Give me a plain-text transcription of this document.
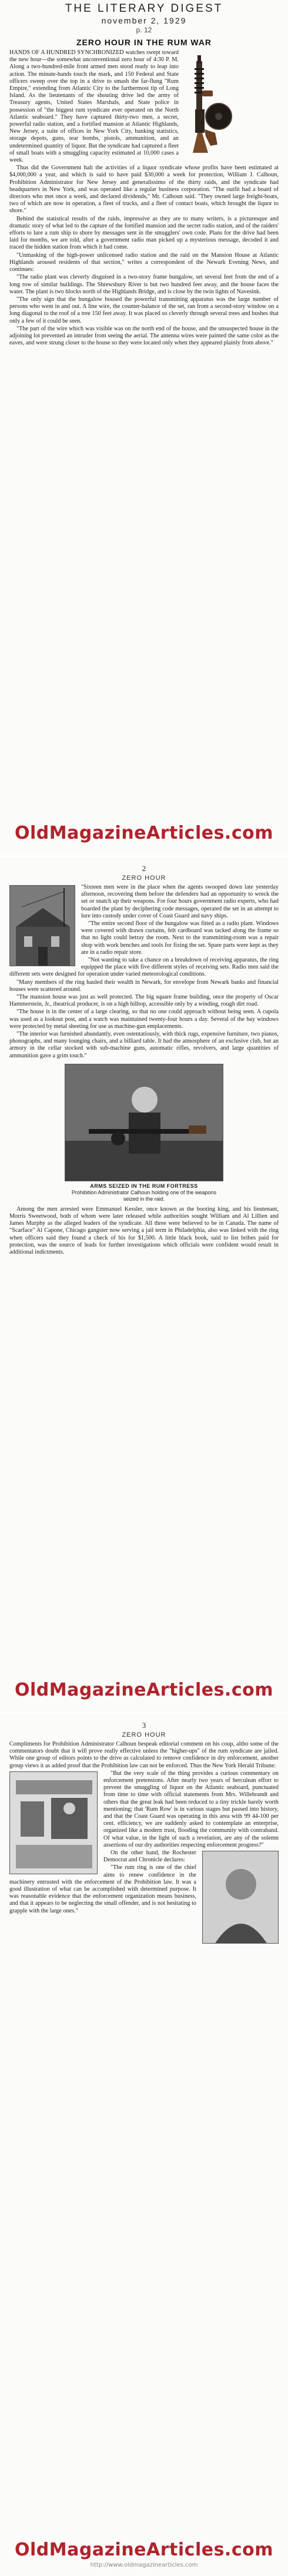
THE LITERARY DIGEST
november 2, 1929
p. 12
ZERO HOUR IN THE RUM WAR

HANDS OF A HUNDRED SYNCHRONIZED watches swept toward the new hour—the somewhat unconventional zero hour of 4:30 P. M. Along a two-hundred-mile front armed men stood ready to leap into action. The minute-hands touch the mark, and 150 Federal and State officers sweep over the top in a drive to smash the far-flung "Rum Empire," extending from Atlantic City to the farthermost tip of Long Island. As the lieutenants of the shouting drive led the army of Treasury agents, United States Marshals, and State police in possession of "the biggest rum syndicate ever operated on the North Atlantic seaboard." They have captured thirty-two men, a secret, powerful radio station, and a fortified mansion at Atlantic Highlands, New Jersey, a suite of offices in New York City, banking statistics, storage depots, guns, tear bombs, pistols, ammunition, and an undetermined quantity of liquor. But the syndicate had captured a fleet of small boats with a smuggling capacity estimated at 10,000 cases a week.

Thus did the Government halt the activities of a liquor syndicate whose profits have been estimated at $4,000,000 a year, and which is said to have paid $30,000 a week for protection, William J. Calhoun, Prohibition Administrator for New Jersey and generalissimo of the thirty raids, and the syndicate had headquarters in New York, and was operated like a regular business corporation. "The outfit had a board of directors who met once a week, and declared dividends," Mr. Calhoun said. "They owned large freight-boats, two of which are now in operation, a fleet of trucks, and a fleet of contact boats, which brought the liquor to shore."

Behind the statistical results of the raids, impressive as they are to many writers, is a picturesque and dramatic story of what led to the capture of the fortified mansion and the secret radio station, and of the raiders' efforts to lure a rum ship to shore by messages sent in the smugglers' own code. Plans for the drive had been laid for months, we are told, after a government radio man picked up a mysterious message, decoded it and traced the hidden station from which it had come.

"Unmasking of the high-power unlicensed radio station and the raid on the Mansion House at Atlantic Highlands aroused residents of that section," writes a correspondent of the Newark Evening News, and continues:

"The radio plant was cleverly disguised in a two-story frame bungalow, set several feet from the end of a long row of similar buildings. The Shrewsbury River is but two hundred feet away, and the house faces the water. The plant is two blocks north of the Highlands Bridge, and is close by the twin lights of Navesink.

"The only sign that the bungalow housed the powerful transmitting apparatus was the large number of persons who went in and out. A line wire, the counter-balance of the set, ran from a second-story window on a long diagonal to the roof of a tree 150 feet away. It was placed so cleverly through several trees and bushes that only a few of it could be seen.

"The part of the wire which was visible was on the north end of the house, and the unsuspected house in the adjoining lot prevented an intruder from seeing the aerial. The antenna wires were painted the same color as the eaves, and were strung closer to the house so they were located only when they appeared plainly from above."

OldMagazineArticles.com
2
ZERO HOUR

"Sixteen men were in the place when the agents swooped down late yesterday afternoon, recovering them before the defenders had an opportunity to wreck the set or snatch up their weapons. For four hours government radio experts, who had boarded the plant by deciphering code messages, operated the set in an attempt to lure into custody under cover of Coast Guard and navy ships.

"The entire second floor of the bungalow was fitted as a radio plant. Windows were covered with drawn curtains, felt cardboard was tacked along the frame so that no light could betray the room. Next to the transmitting-room was a repair shop with work benches and tools for fixing the set. Spare parts were kept as they are in a radio repair store.

"Not wanting to take a chance on a breakdown of receiving apparatus, the ring equipped the place with five different styles of receiving sets. Radio men said the different sets were designed for operation under varied meteorological conditions.

"Many members of the ring hauled their wealth in Newark, for envelope from Newark banks and financial houses were scattered around.

"The mansion house was just as well protected. The big square frame building, once the property of Oscar Hammerstein, Jr., theatrical producer, is on a high hilltop, accessible only by a winding, rough dirt road.

"The house is in the center of a large clearing, so that no one could approach without being seen. A cupola was used as a lookout post, and a watch was maintained twenty-four hours a day. Several of the bay windows were protected by metal sheeting for use as machine-gun emplacements.

"The interior was furnished abundantly, even ostentatiously, with thick rugs, expensive furniture, two pianos, phonographs, and many lounging chairs, and a billiard table. It had the atmosphere of an exclusive club, but an armory in the cellar stocked with sub-machine guns, automatic rifles, revolvers, and large quantities of ammunition gave a grim touch."

ARMS SEIZED IN THE RUM FORTRESS
Prohibition Administrator Calhoun holding one of the weapons seized in the raid.

Among the men arrested were Emmanuel Kessler, once known as the booting king, and his lieutenant, Morris Sweetwood, both of whom were later released while authorities sought William and Al Lillien and James Murphy as the alleged leaders of the syndicate. All three were believed to be in Canada. The name of "Scarface" Al Capone, Chicago gangster now serving a jail term in Philadelphia, also was linked with the ring when officers said they found a check of his for $1,500. A little black book, said to list bribes paid for protection, was the source of leads for further investigations which officials were confident would result in additional indictments.

OldMagazineArticles.com
3
ZERO HOUR

Compliments for Prohibition Administrator Calhoun bespeak editorial comment on his coup, altho some of the commentators doubt that it will prove really effective unless the "higher-ups" of the rum syndicate are jailed. While one group of editors points to the drive as calculated to remove confidence in dry enforcement, another group views it as added proof that the Prohibition law can not be enforced. Thus the New York Herald Tribune:

"But the very scale of the thing provides a curious commentary on enforcement pretensions. After nearly two years of herculean effort to prevent the smuggling of liquor on the Atlantic seaboard, punctuated from time to time with official statements from Mrs. Willebrandt and others that the great leak had been reduced to a tiny trickle barely worth mentioning; that 'Rum Row' is in various stages but passed into history, and that the Coast Guard was operating in this area with 99 44-100 per cent. efficiency, we are suddenly asked to contemplate an enterprise, organized like a modern trust, flooding the community with contraband. Of what value, in the light of such a revelation, are any of the solemn assertions of our dry authorities respecting enforcement progress?"

On the other hand, the Rochester Democrat and Chronicle declares:

"The rum ring is one of the chief aims to renew confidence in the machinery entrusted with the enforcement of the Prohibition law. It was a good illustration of what can be accomplished with determined purpose. It was reasonable evidence that the enforcement organization means business, and that it appears to be neglecting the small offender, and is not hesitating to grapple with the large ones."

OldMagazineArticles.com
http://www.oldmagazinearticles.com
